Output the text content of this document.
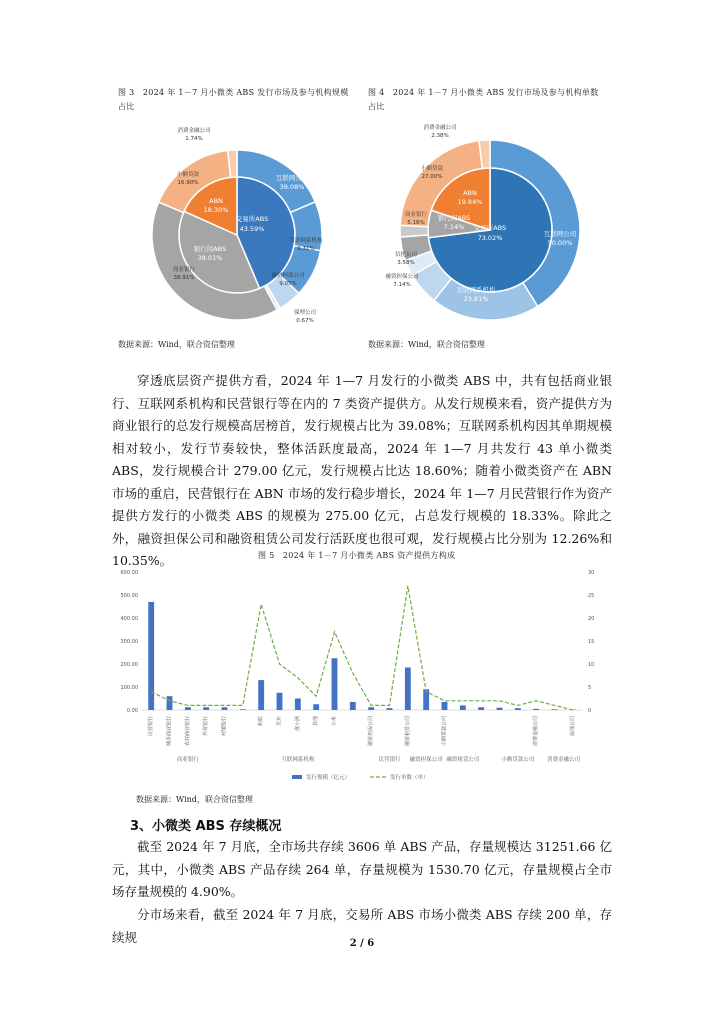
图 3　2024 年 1－7 月小微类 ABS 发行市场及参与机构规模
占比
图 4　2024 年 1－7 月小微类 ABS 发行市场及参与机构单数
占比
交易所ABS
43.59%
ABN
18.30%
银行间ABS
38.01%
互联网公司
39.08%
商业银行
38.91%
小额贷款
16.90%
消费金融公司
1.74%
互联网系机构
9.31%
融资担保公司
9.05%
保理公司
0.67%
交易所ABS
73.02%
ABN
19.84%
银行间ABS
7.14%
互联网公司
50.00%
互联网系机构
23.81%
小额贷款
27.00%
消费金融公司
2.38%
商业银行
5.16%
信托公司
3.58%
融资担保公司
7.14%
数据来源：Wind，联合资信整理	数据来源：Wind，联合资信整理

穿透底层资产提供方看，2024 年 1—7 月发行的小微类 ABS 中，共有包括商业银行、互联网系机构和民营银行等在内的 7 类资产提供方。从发行规模来看，资产提供方为商业银行的总发行规模高居榜首，发行规模占比为 39.08%；互联网系机构因其单期规模相对较小，发行节奏较快，整体活跃度最高，2024 年 1—7 月共发行 43 单小微类 ABS，发行规模合计 279.00 亿元，发行规模占比达 18.60%；随着小微类资产在 ABN 市场的重启，民营银行在 ABN 市场的发行稳步增长，2024 年 1—7 月民营银行作为资产提供方发行的小微类 ABS 的规模为 275.00 亿元，占总发行规模的 18.33%。除此之外，融资担保公司和融资租赁公司发行活跃度也很可观，发行规模占比分别为 12.26%和 10.35%。	图 5　2024 年 1－7 月小微类 ABS 资产提供方构成
0.00
100.00
200.00
300.00
400.00
500.00
600.00
0
5
10
15
20
25
30
民营银行 城市商业银行 农村商业银行 外资银行 村镇银行	蚂蚁 京东 度小满 其他 小米	融资担保公司	融资租赁公司	小额贷款公司	消费金融公司	保理公司
商业银行	互联网系机构	民营银行 融资担保公司 融资租赁公司	小额贷款公司 消费金融公司
发行规模（亿元）	发行单数（单）
数据来源：Wind，联合资信整理
3、小微类 ABS 存续概况

截至 2024 年 7 月底，全市场共存续 3606 单 ABS 产品，存量规模达 31251.66 亿元，其中，小微类 ABS 产品存续 264 单，存量规模为 1530.70 亿元，存量规模占全市场存量规模的 4.90%。

分市场来看，截至 2024 年 7 月底，交易所 ABS 市场小微类 ABS 存续 200 单，存续规	2 / 6
